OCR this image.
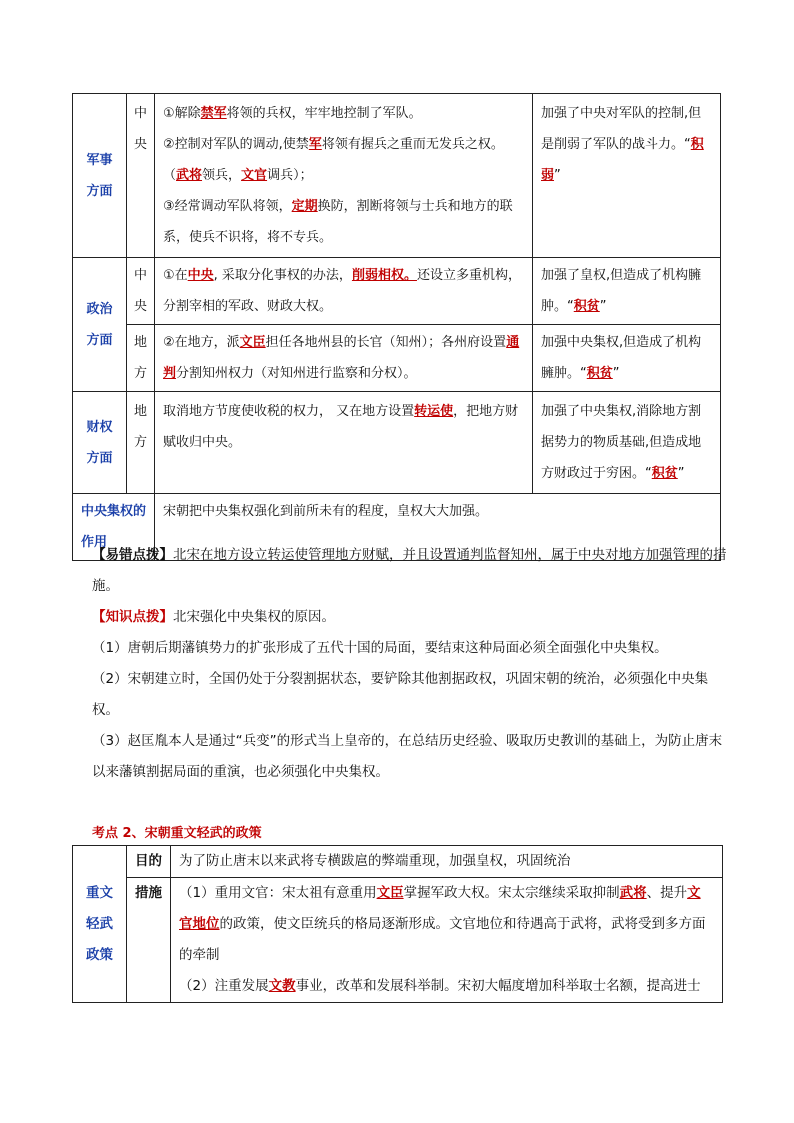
军事方面	中央	①解除禁军将领的兵权，牢牢地控制了军队。
②控制对军队的调动,使禁军将领有握兵之重而无发兵之权。
（武将领兵，文官调兵）；
③经常调动军队将领，定期换防，割断将领与士兵和地方的联系，使兵不识将，将不专兵。	加强了中央对军队的控制,但是削弱了军队的战斗力。“积弱”
政治方面	中央	①在中央, 采取分化事权的办法，削弱相权。还设立多重机构，分割宰相的军政、财政大权。	加强了皇权,但造成了机构臃肿。“积贫”
	地方	②在地方，派文臣担任各地州县的长官（知州）；各州府设置通判分割知州权力（对知州进行监察和分权）。	加强中央集权,但造成了机构臃肿。“积贫”
财权方面	地方	取消地方节度使收税的权力， 又在地方设置转运使，把地方财赋收归中央。	加强了中央集权,消除地方割据势力的物质基础,但造成地方财政过于穷困。“积贫”
中央集权的作用		宋朝把中央集权强化到前所未有的程度，皇权大大加强。	

【易错点拨】北宋在地方设立转运使管理地方财赋，并且设置通判监督知州，属于中央对地方加强管理的措施。

【知识点拨】北宋强化中央集权的原因。

（1）唐朝后期藩镇势力的扩张形成了五代十国的局面，要结束这种局面必须全面强化中央集权。

（2）宋朝建立时，全国仍处于分裂割据状态，要铲除其他割据政权，巩固宋朝的统治，必须强化中央集权。

（3）赵匡胤本人是通过“兵变”的形式当上皇帝的，在总结历史经验、吸取历史教训的基础上，为防止唐末以来藩镇割据局面的重演，也必须强化中央集权。

考点 2、宋朝重文轻武的政策
重文轻武政策	目的	为了防止唐末以来武将专横跋扈的弊端重现，加强皇权，巩固统治
	措施	（1）重用文官：宋太祖有意重用文臣掌握军政大权。宋太宗继续采取抑制武将、提升文官地位的政策，使文臣统兵的格局逐渐形成。文官地位和待遇高于武将，武将受到多方面的牵制
（2）注重发展文教事业，改革和发展科举制。宋初大幅度增加科举取士名额，提高进士
